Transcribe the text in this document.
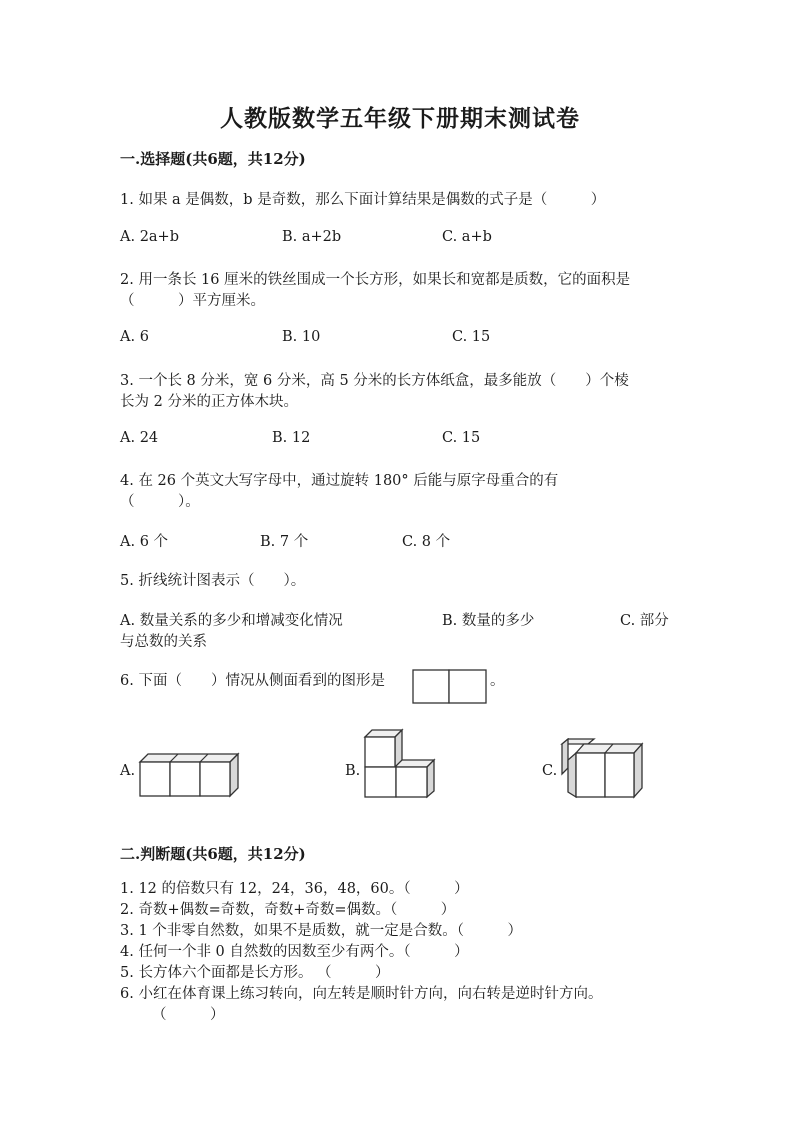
人教版数学五年级下册期末测试卷
一.选择题(共6题，共12分)
1. 如果 a 是偶数，b 是奇数，那么下面计算结果是偶数的式子是（　　　）
A. 2a+b	B. a+2b	C. a+b
2. 用一条长 16 厘米的铁丝围成一个长方形，如果长和宽都是质数，它的面积是
（　　　）平方厘米。
A. 6	B. 10	C. 15
3. 一个长 8 分米，宽 6 分米，高 5 分米的长方体纸盒，最多能放（　　）个棱
长为 2 分米的正方体木块。
A. 24	B. 12	C. 15
4. 在 26 个英文大写字母中，通过旋转 180° 后能与原字母重合的有
（　　　）。
A. 6 个	B. 7 个	C. 8 个
5. 折线统计图表示（　　）。
A. 数量关系的多少和增减变化情况	B. 数量的多少	C. 部分
与总数的关系
6. 下面（　　）情况从侧面看到的图形是	。
A.	B.	C.
二.判断题(共6题，共12分)
1. 12 的倍数只有 12，24，36，48，60。（　　　）
2. 奇数+偶数=奇数，奇数+奇数=偶数。（　　　）
3. 1 个非零自然数，如果不是质数，就一定是合数。（　　　）
4. 任何一个非 0 自然数的因数至少有两个。（　　　）
5. 长方体六个面都是长方形。 （　　　）
6. 小红在体育课上练习转向，向左转是顺时针方向，向右转是逆时针方向。
（　　　）
